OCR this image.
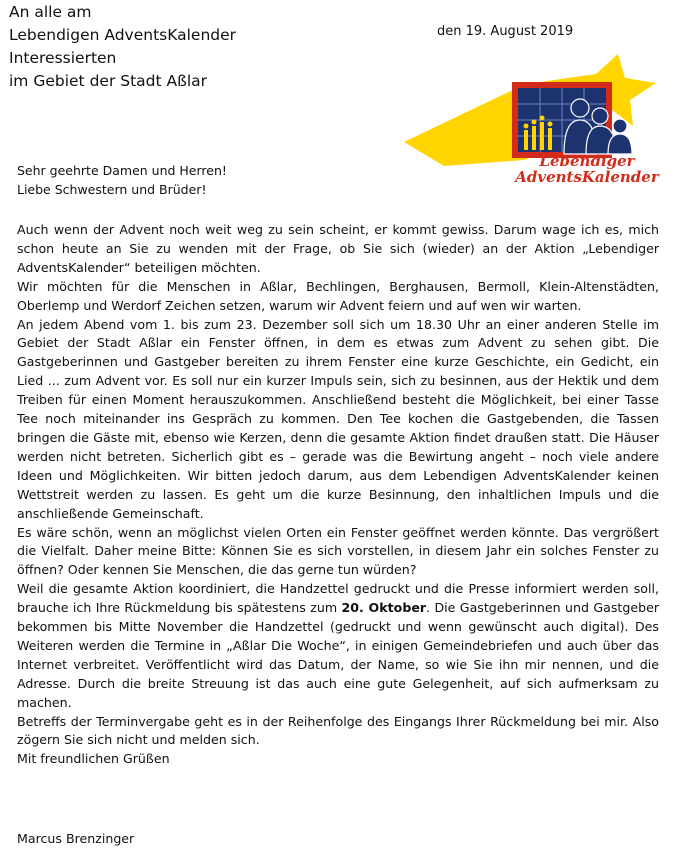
An alle am
Lebendigen AdventsKalender
Interessierten
im Gebiet der Stadt Aßlar
den 19. August 2019
Lebendiger
AdventsKalender
Sehr geehrte Damen und Herren!
Liebe Schwestern und Brüder!

Auch wenn der Advent noch weit weg zu sein scheint, er kommt gewiss. Darum wage ich es, mich schon heute an Sie zu wenden mit der Frage, ob Sie sich (wieder) an der Aktion „Lebendiger AdventsKalender“ beteiligen möchten.

Wir möchten für die Menschen in Aßlar, Bechlingen, Berghausen, Bermoll, Klein-Altenstädten, Oberlemp und Werdorf Zeichen setzen, warum wir Advent feiern und auf wen wir warten.

An jedem Abend vom 1. bis zum 23. Dezember soll sich um 18.30 Uhr an einer anderen Stelle im Gebiet der Stadt Aßlar ein Fenster öffnen, in dem es etwas zum Advent zu sehen gibt. Die Gastgeberinnen und Gastgeber bereiten zu ihrem Fenster eine kurze Geschichte, ein Gedicht, ein Lied ... zum Advent vor. Es soll nur ein kurzer Impuls sein, sich zu besinnen, aus der Hektik und dem Treiben für einen Moment herauszukommen. Anschließend besteht die Möglichkeit, bei einer Tasse Tee noch miteinander ins Gespräch zu kommen. Den Tee kochen die Gastgebenden, die Tassen bringen die Gäste mit, ebenso wie Kerzen, denn die gesamte Aktion findet draußen statt. Die Häuser werden nicht betreten. Sicherlich gibt es – gerade was die Bewirtung angeht – noch viele andere Ideen und Möglichkeiten. Wir bitten jedoch darum, aus dem Lebendigen AdventsKalender keinen Wettstreit werden zu lassen. Es geht um die kurze Besinnung, den inhaltlichen Impuls und die anschließende Gemeinschaft.

Es wäre schön, wenn an möglichst vielen Orten ein Fenster geöffnet werden könnte. Das vergrößert die Vielfalt. Daher meine Bitte: Können Sie es sich vorstellen, in diesem Jahr ein solches Fenster zu öffnen? Oder kennen Sie Menschen, die das gerne tun würden?

Weil die gesamte Aktion koordiniert, die Handzettel gedruckt und die Presse informiert werden soll, brauche ich Ihre Rückmeldung bis spätestens zum 20. Oktober. Die Gastgeberinnen und Gastgeber bekommen bis Mitte November die Handzettel (gedruckt und wenn gewünscht auch digital). Des Weiteren werden die Termine in „Aßlar Die Woche“, in einigen Gemeindebriefen und auch über das Internet verbreitet. Veröffentlicht wird das Datum, der Name, so wie Sie ihn mir nennen, und die Adresse. Durch die breite Streuung ist das auch eine gute Gelegenheit, auf sich aufmerksam zu machen.

Betreffs der Terminvergabe geht es in der Reihenfolge des Eingangs Ihrer Rückmeldung bei mir. Also zögern Sie sich nicht und melden sich.

Mit freundlichen Grüßen
Marcus Brenzinger
